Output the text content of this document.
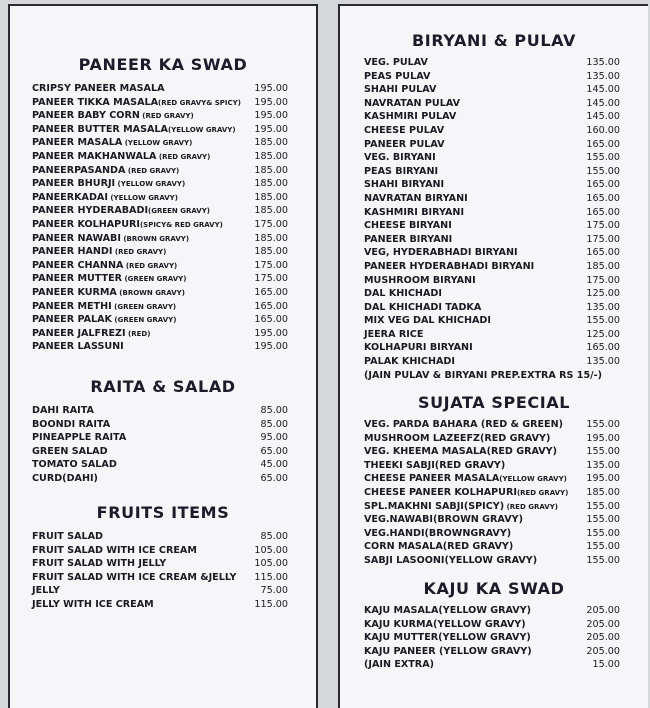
PANEER KA SWAD
CRIPSY PANEER MASALA	195.00
PANEER TIKKA MASALA(RED GRAVY& SPICY) 195.00
PANEER BABY CORN (RED GRAVY)	195.00
PANEER BUTTER MASALA(YELLOW GRAVY) 195.00
PANEER MASALA (YELLOW GRAVY)	185.00
PANEER MAKHANWALA (RED GRAVY)	185.00
PANEERPASANDA (RED GRAVY)	185.00
PANEER BHURJI (YELLOW GRAVY)	185.00
PANEERKADAI (YELLOW GRAVY)	185.00
PANEER HYDERABADI(GREEN GRAVY)	185.00
PANEER KOLHAPURI(SPICY& RED GRAVY)	175.00
PANEER NAWABI (BROWN GRAVY)	185.00
PANEER HANDI (RED GRAVY)	185.00
PANEER CHANNA (RED GRAVY)	175.00
PANEER MUTTER (GREEN GRAVY)	175.00
PANEER KURMA (BROWN GRAVY)	165.00
PANEER METHI (GREEN GRAVY)	165.00
PANEER PALAK (GREEN GRAVY)	165.00
PANEER JALFREZI (RED)	195.00
PANEER LASSUNI	195.00
RAITA & SALAD
DAHI RAITA	85.00
BOONDI RAITA	85.00
PINEAPPLE RAITA	95.00
GREEN SALAD	65.00
TOMATO SALAD	45.00
CURD(DAHI)	65.00
FRUITS ITEMS
FRUIT SALAD	85.00
FRUIT SALAD WITH ICE CREAM	105.00
FRUIT SALAD WITH JELLY	105.00
FRUIT SALAD WITH ICE CREAM &JELLY 115.00
JELLY	75.00
JELLY WITH ICE CREAM	115.00
BIRYANI & PULAV
VEG. PULAV	135.00
PEAS PULAV	135.00
SHAHI PULAV	145.00
NAVRATAN PULAV	145.00
KASHMIRI PULAV	145.00
CHEESE PULAV	160.00
PANEER PULAV	165.00
VEG. BIRYANI	155.00
PEAS BIRYANI	155.00
SHAHI BIRYANI	165.00
NAVRATAN BIRYANI	165.00
KASHMIRI BIRYANI	165.00
CHEESE BIRYANI	175.00
PANEER BIRYANI	175.00
VEG, HYDERABHADI BIRYANI	165.00
PANEER HYDERABHADI BIRYANI	185.00
MUSHROOM BIRYANI	175.00
DAL KHICHADI	125.00
DAL KHICHADI TADKA	135.00
MIX VEG DAL KHICHADI	155.00
JEERA RICE	125.00
KOLHAPURI BIRYANI	165.00
PALAK KHICHADI	135.00
(JAIN PULAV & BIRYANI PREP.EXTRA RS 15/-)
SUJATA SPECIAL
VEG. PARDA BAHARA (RED & GREEN) 155.00
MUSHROOM LAZEEFZ(RED GRAVY)	195.00
VEG. KHEEMA MASALA(RED GRAVY)	155.00
THEEKI SABJI(RED GRAVY)	135.00
CHEESE PANEER MASALA(YELLOW GRAVY) 195.00
CHEESE PANEER KOLHAPURI(RED GRAVY) 185.00
SPL.MAKHNI SABJI(SPICY) (RED GRAVY)	155.00
VEG.NAWABI(BROWN GRAVY)	155.00
VEG.HANDI(BROWNGRAVY)	155.00
CORN MASALA(RED GRAVY)	155.00
SABJI LASOONI(YELLOW GRAVY)	155.00
KAJU KA SWAD
KAJU MASALA(YELLOW GRAVY)	205.00
KAJU KURMA(YELLOW GRAVY)	205.00
KAJU MUTTER(YELLOW GRAVY)	205.00
KAJU PANEER (YELLOW GRAVY)	205.00
(JAIN EXTRA)	15.00
